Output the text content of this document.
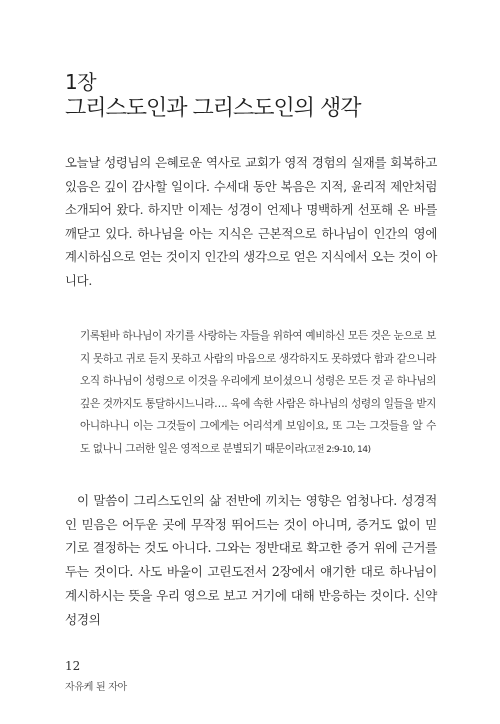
1장
그리스도인과 그리스도인의 생각

오늘날 성령님의 은혜로운 역사로 교회가 영적 경험의 실재를 회복하고 있음은 깊이 감사할 일이다. 수세대 동안 복음은 지적, 윤리적 제안처럼 소개되어 왔다. 하지만 이제는 성경이 언제나 명백하게 선포해 온 바를 깨닫고 있다. 하나님을 아는 지식은 근본적으로 하나님이 인간의 영에 계시하심으로 얻는 것이지 인간의 생각으로 얻은 지식에서 오는 것이 아니다.

기록된바 하나님이 자기를 사랑하는 자들을 위하여 예비하신 모든 것은 눈으로 보지 못하고 귀로 듣지 못하고 사람의 마음으로 생각하지도 못하였다 함과 같으니라 오직 하나님이 성령으로 이것을 우리에게 보이셨으니 성령은 모든 것 곧 하나님의 깊은 것까지도 통달하시느니라…. 육에 속한 사람은 하나님의 성령의 일들을 받지 아니하나니 이는 그것들이 그에게는 어리석게 보임이요, 또 그는 그것들을 알 수도 없나니 그러한 일은 영적으로 분별되기 때문이라(고전 2:9-10, 14)

이 말씀이 그리스도인의 삶 전반에 끼치는 영향은 엄청나다. 성경적인 믿음은 어두운 곳에 무작정 뛰어드는 것이 아니며, 증거도 없이 믿기로 결정하는 것도 아니다. 그와는 정반대로 확고한 증거 위에 근거를 두는 것이다. 사도 바울이 고린도전서 2장에서 얘기한 대로 하나님이 계시하시는 뜻을 우리 영으로 보고 거기에 대해 반응하는 것이다. 신약성경의

12
자유케 된 자아
